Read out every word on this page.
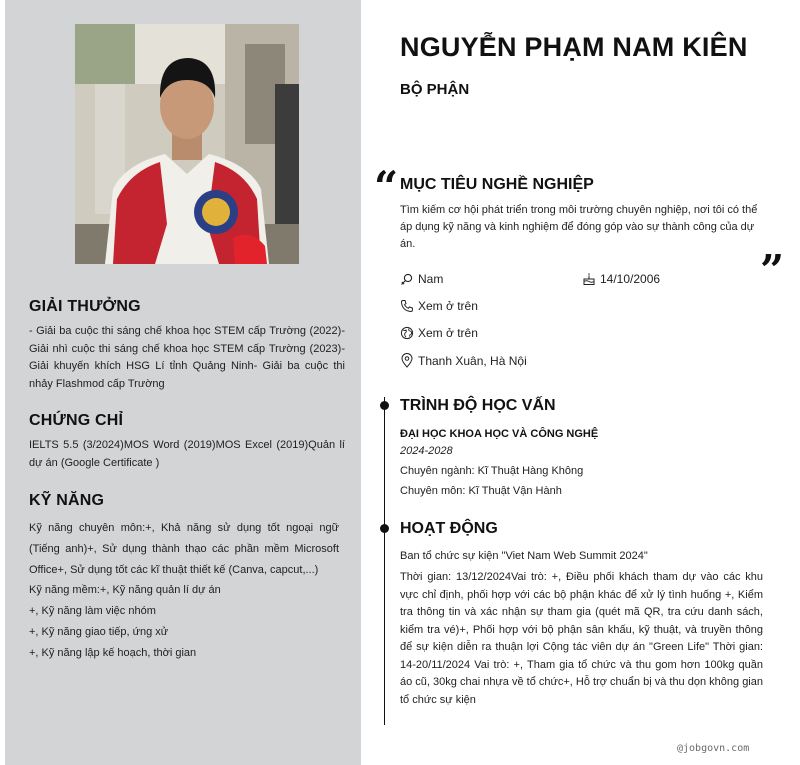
GIẢI THƯỞNG

- Giải ba cuộc thi sáng chế khoa học STEM cấp Trường (2022)- Giải nhì cuộc thi sáng chế khoa học STEM cấp Trường (2023)- Giải khuyến khích HSG Lí tỉnh Quảng Ninh- Giải ba cuộc thi nhảy Flashmod cấp Trường

CHỨNG CHỈ

IELTS 5.5 (3/2024)MOS Word (2019)MOS Excel (2019)Quản lí dự án (Google Certificate )

KỸ NĂNG
Kỹ năng chuyên môn:+, Khả năng sử dụng tốt ngoại ngữ (Tiếng anh)+, Sử dụng thành thạo các phần mềm Microsoft Office+, Sử dụng tốt các kĩ thuật thiết kế (Canva, capcut,...)
Kỹ năng mềm:+, Kỹ năng quản lí dự án
+, Kỹ năng làm việc nhóm
+, Kỹ năng giao tiếp, ứng xử
+, Kỹ năng lập kế hoạch, thời gian
NGUYỄN PHẠM NAM KIÊN
BỘ PHẬN
“
”
MỤC TIÊU NGHỀ NGHIỆP

Tìm kiếm cơ hội phát triển trong môi trường chuyên nghiệp, nơi tôi có thể áp dụng kỹ năng và kinh nghiệm để đóng góp vào sự thành công của dự án.

Nam	14/10/2006
Xem ở trên
Xem ở trên
Thanh Xuân, Hà Nội
TRÌNH ĐỘ HỌC VẤN

ĐẠI HỌC KHOA HỌC VÀ CÔNG NGHỆ

2024-2028

Chuyên ngành: Kĩ Thuật Hàng Không

Chuyên môn: Kĩ Thuật Vận Hành

HOẠT ĐỘNG

Ban tổ chức sự kiện "Viet Nam Web Summit 2024"

Thời gian: 13/12/2024Vai trò: +, Điều phối khách tham dự vào các khu vực chỉ định, phối hợp với các bộ phận khác để xử lý tình huống +, Kiểm tra thông tin và xác nhận sự tham gia (quét mã QR, tra cứu danh sách, kiểm tra vé)+, Phối hợp với bộ phận sân khấu, kỹ thuật, và truyền thông để sự kiện diễn ra thuận lợi Cộng tác viên dự án "Green Life" Thời gian: 14-20/11/2024 Vai trò: +, Tham gia tổ chức và thu gom hơn 100kg quần áo cũ, 30kg chai nhựa về tổ chức+, Hỗ trợ chuẩn bị và thu dọn không gian tổ chức sự kiện

@jobgovn.com
